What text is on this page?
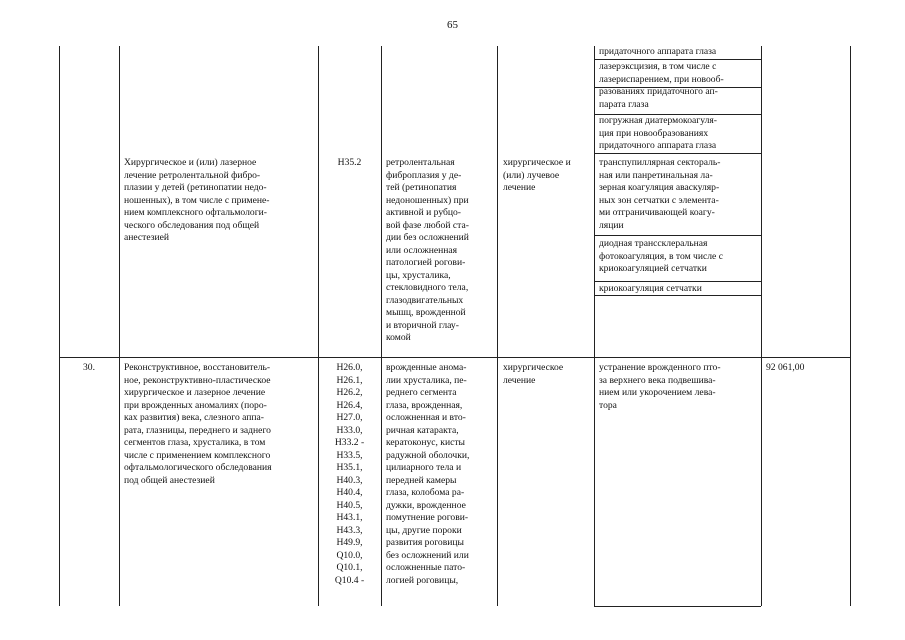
65
придаточного аппарата глаза
лазерэксцизия, в том числе с
лазериспарением, при новооб-
разованиях придаточного ап-
парата глаза
погружная диатермокоагуля-
ция при новообразованиях
придаточного аппарата глаза
Хирургическое и (или) лазерное
лечение ретролентальной фибро-
плазии у детей (ретинопатии недо-
ношенных), в том числе с примене-
нием комплексного офтальмологи-
ческого обследования под общей
анестезией
H35.2	ретролентальная
фиброплазия у де-
тей (ретинопатия
недоношенных) при
активной и рубцо-
вой фазе любой ста-
дии без осложнений
или осложненная
патологией рогови-
цы, хрусталика,
стекловидного тела,
глазодвигательных
мышц, врожденной
и вторичной глау-
комой
хирургическое и
(или) лучевое
лечение
транспупиллярная сектораль-
ная или панретинальная ла-
зерная коагуляция аваскуляр-
ных зон сетчатки с элемента-
ми отграничивающей коагу-
ляции
диодная транссклеральная
фотокоагуляция, в том числе с
криокоагуляцией сетчатки
криокоагуляция сетчатки
30.	Реконструктивное, восстановитель-
ное, реконструктивно-пластическое
хирургическое и лазерное лечение
при врожденных аномалиях (поро-
ках развития) века, слезного аппа-
рата, глазницы, переднего и заднего
сегментов глаза, хрусталика, в том
числе с применением комплексного
офтальмологического обследования
под общей анестезией
H26.0,
H26.1,
H26.2,
H26.4,
H27.0,
H33.0,
H33.2 -
H33.5,
H35.1,
H40.3,
H40.4,
H40.5,
H43.1,
H43.3,
H49.9,
Q10.0,
Q10.1,
Q10.4 -
врожденные анома-
лии хрусталика, пе-
реднего сегмента
глаза, врожденная,
осложненная и вто-
ричная катаракта,
кератоконус, кисты
радужной оболочки,
цилиарного тела и
передней камеры
глаза, колобома ра-
дужки, врожденное
помутнение рогови-
цы, другие пороки
развития роговицы
без осложнений или
осложненные пато-
логией роговицы,
хирургическое
лечение
устранение врожденного пто-
за верхнего века подвешива-
нием или укорочением лева-
тора
92 061,00
